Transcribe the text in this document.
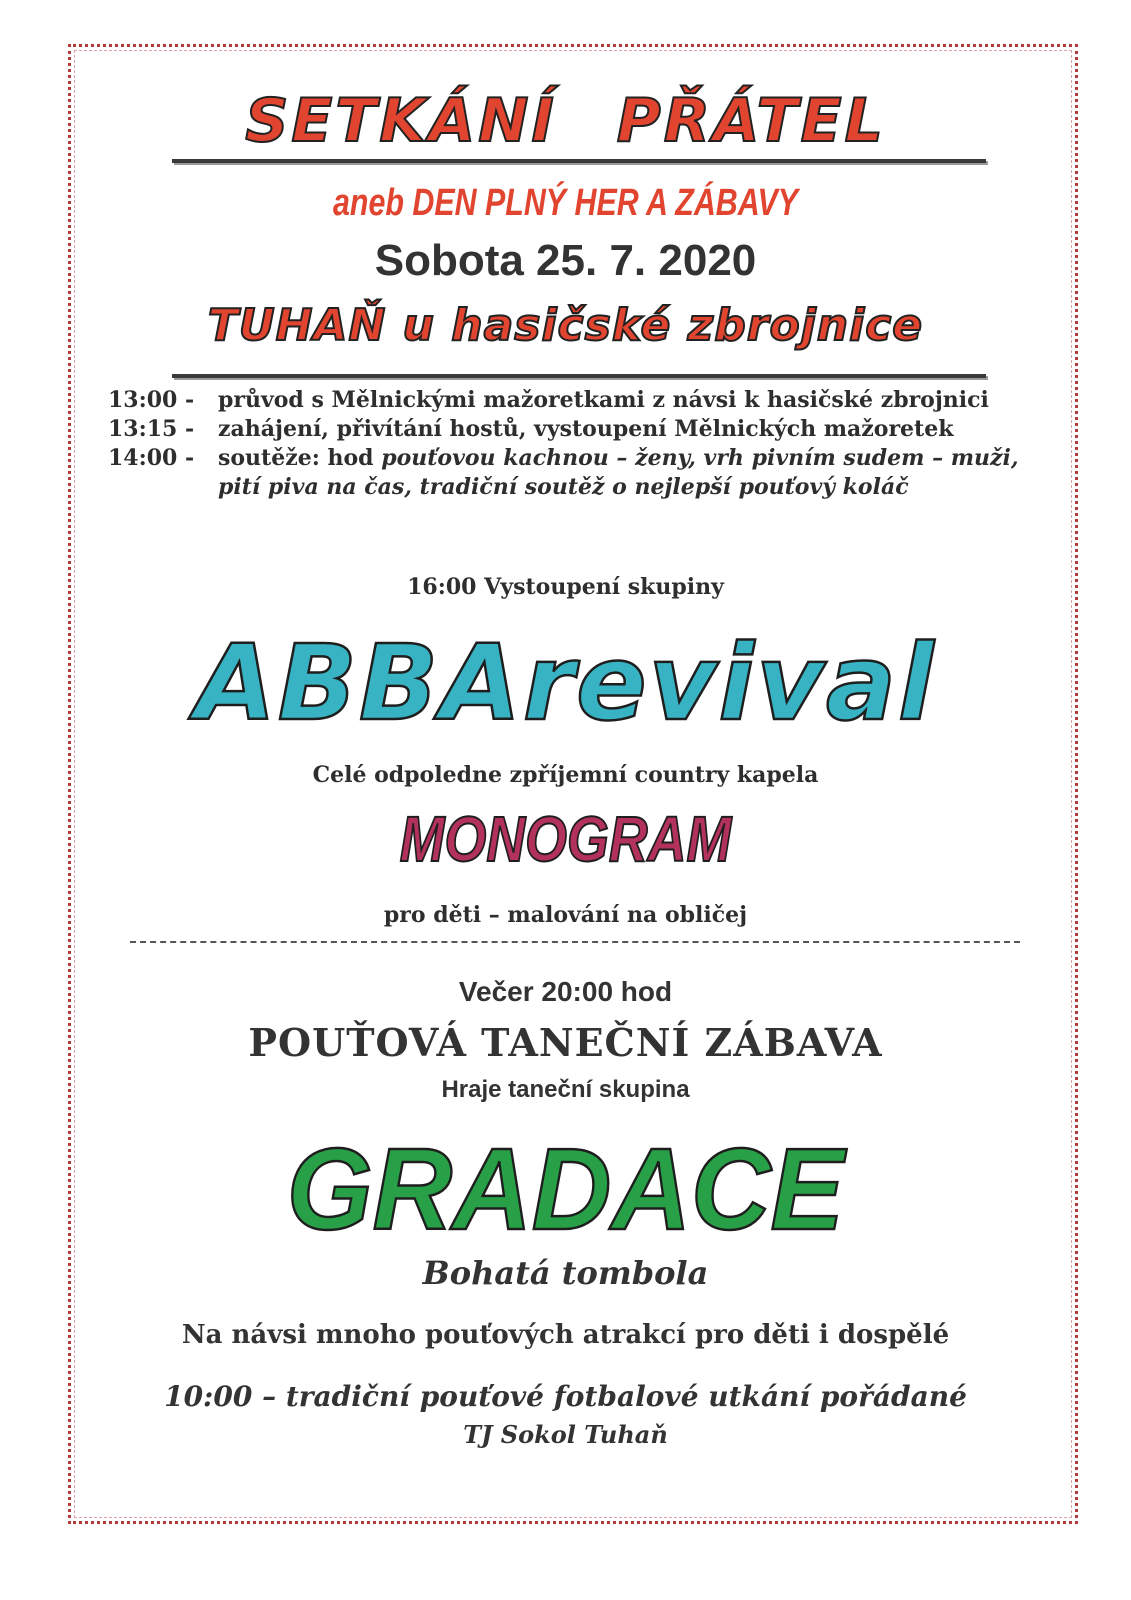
SETKÁNÍ PŘÁTEL
aneb DEN PLNÝ HER A ZÁBAVY
Sobota 25. 7. 2020
TUHAŇ u hasičské zbrojnice
13:00 -	průvod s Mělnickými mažoretkami z návsi k hasičské zbrojnici
13:15 -	zahájení, přivítání hostů, vystoupení Mělnických mažoretek
14:00 -	soutěže: hod pouťovou kachnou – ženy, vrh pivním sudem – muži, pití piva na čas, tradiční soutěž o nejlepší pouťový koláč
16:00 Vystoupení skupiny
ABBArevival
Celé odpoledne zpříjemní country kapela
MONOGRAM
pro děti – malování na obličej
Večer 20:00 hod
POUŤOVÁ TANEČNÍ ZÁBAVA
Hraje taneční skupina
GRADACE
Bohatá tombola
Na návsi mnoho pouťových atrakcí pro děti i dospělé
10:00 – tradiční pouťové fotbalové utkání pořádané
TJ Sokol Tuhaň
